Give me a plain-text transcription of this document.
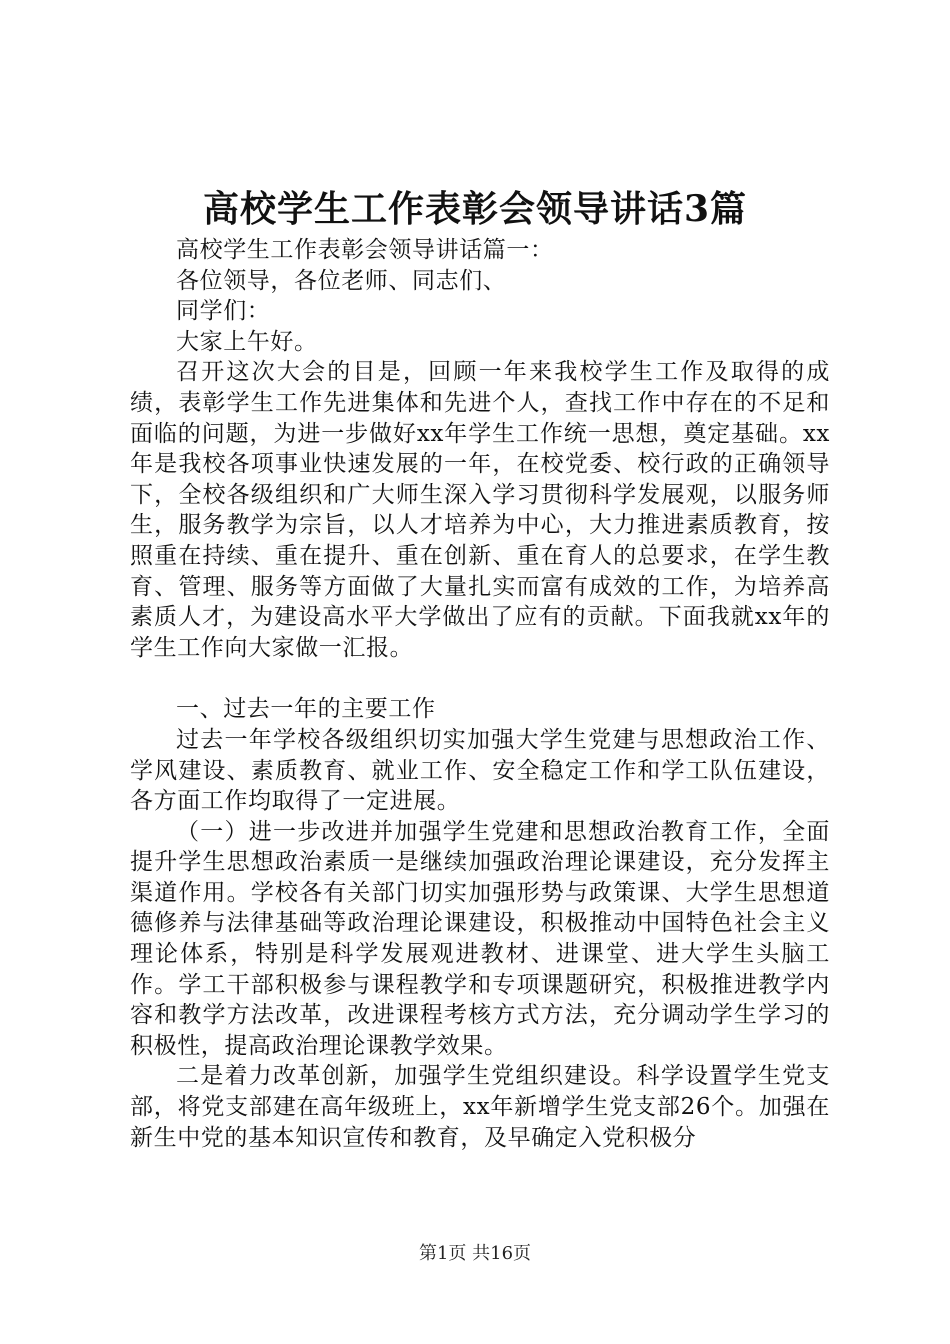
高校学生工作表彰会领导讲话3篇

高校学生工作表彰会领导讲话篇一：

各位领导，各位老师、同志们、

同学们：

大家上午好。

召开这次大会的目是，回顾一年来我校学生工作及取得的成绩，表彰学生工作先进集体和先进个人，查找工作中存在的不足和面临的问题，为进一步做好xx年学生工作统一思想，奠定基础。xx年是我校各项事业快速发展的一年，在校党委、校行政的正确领导下，全校各级组织和广大师生深入学习贯彻科学发展观，以服务师生，服务教学为宗旨，以人才培养为中心，大力推进素质教育，按照重在持续、重在提升、重在创新、重在育人的总要求，在学生教育、管理、服务等方面做了大量扎实而富有成效的工作，为培养高素质人才，为建设高水平大学做出了应有的贡献。下面我就xx年的学生工作向大家做一汇报。

一、过去一年的主要工作

过去一年学校各级组织切实加强大学生党建与思想政治工作、学风建设、素质教育、就业工作、安全稳定工作和学工队伍建设，各方面工作均取得了一定进展。

（一）进一步改进并加强学生党建和思想政治教育工作，全面提升学生思想政治素质一是继续加强政治理论课建设，充分发挥主渠道作用。学校各有关部门切实加强形势与政策课、大学生思想道德修养与法律基础等政治理论课建设，积极推动中国特色社会主义理论体系，特别是科学发展观进教材、进课堂、进大学生头脑工作。学工干部积极参与课程教学和专项课题研究，积极推进教学内容和教学方法改革，改进课程考核方式方法，充分调动学生学习的积极性，提高政治理论课教学效果。

二是着力改革创新，加强学生党组织建设。科学设置学生党支部，将党支部建在高年级班上，xx年新增学生党支部26个。加强在新生中党的基本知识宣传和教育，及早确定入党积极分

第1页 共16页
